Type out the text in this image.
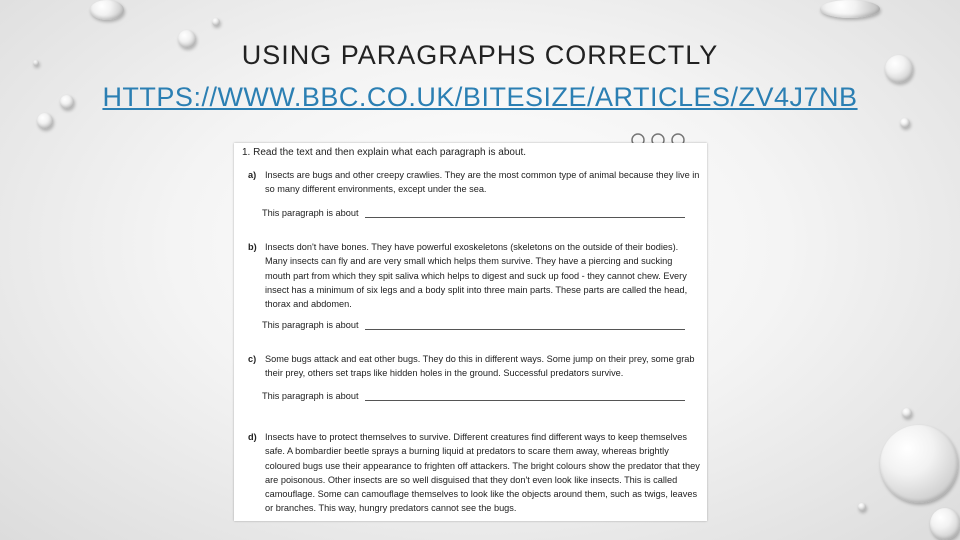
USING PARAGRAPHS CORRECTLY
HTTPS://WWW.BBC.CO.UK/BITESIZE/ARTICLES/ZV4J7NB
1. Read the text and then explain what each paragraph is about.
a) Insects are bugs and other creepy crawlies. They are the most common type of animal because they live in so many different environments, except under the sea.
This paragraph is about
b) Insects don't have bones. They have powerful exoskeletons (skeletons on the outside of their bodies). Many insects can fly and are very small which helps them survive. They have a piercing and sucking mouth part from which they spit saliva which helps to digest and suck up food - they cannot chew. Every insect has a minimum of six legs and a body split into three main parts. These parts are called the head, thorax and abdomen.
This paragraph is about
c) Some bugs attack and eat other bugs. They do this in different ways. Some jump on their prey, some grab their prey, others set traps like hidden holes in the ground. Successful predators survive.
This paragraph is about
d) Insects have to protect themselves to survive. Different creatures find different ways to keep themselves safe. A bombardier beetle sprays a burning liquid at predators to scare them away, whereas brightly coloured bugs use their appearance to frighten off attackers. The bright colours show the predator that they are poisonous. Other insects are so well disguised that they don't even look like insects. This is called camouflage. Some can camouflage themselves to look like the objects around them, such as twigs, leaves or branches. This way, hungry predators cannot see the bugs.
